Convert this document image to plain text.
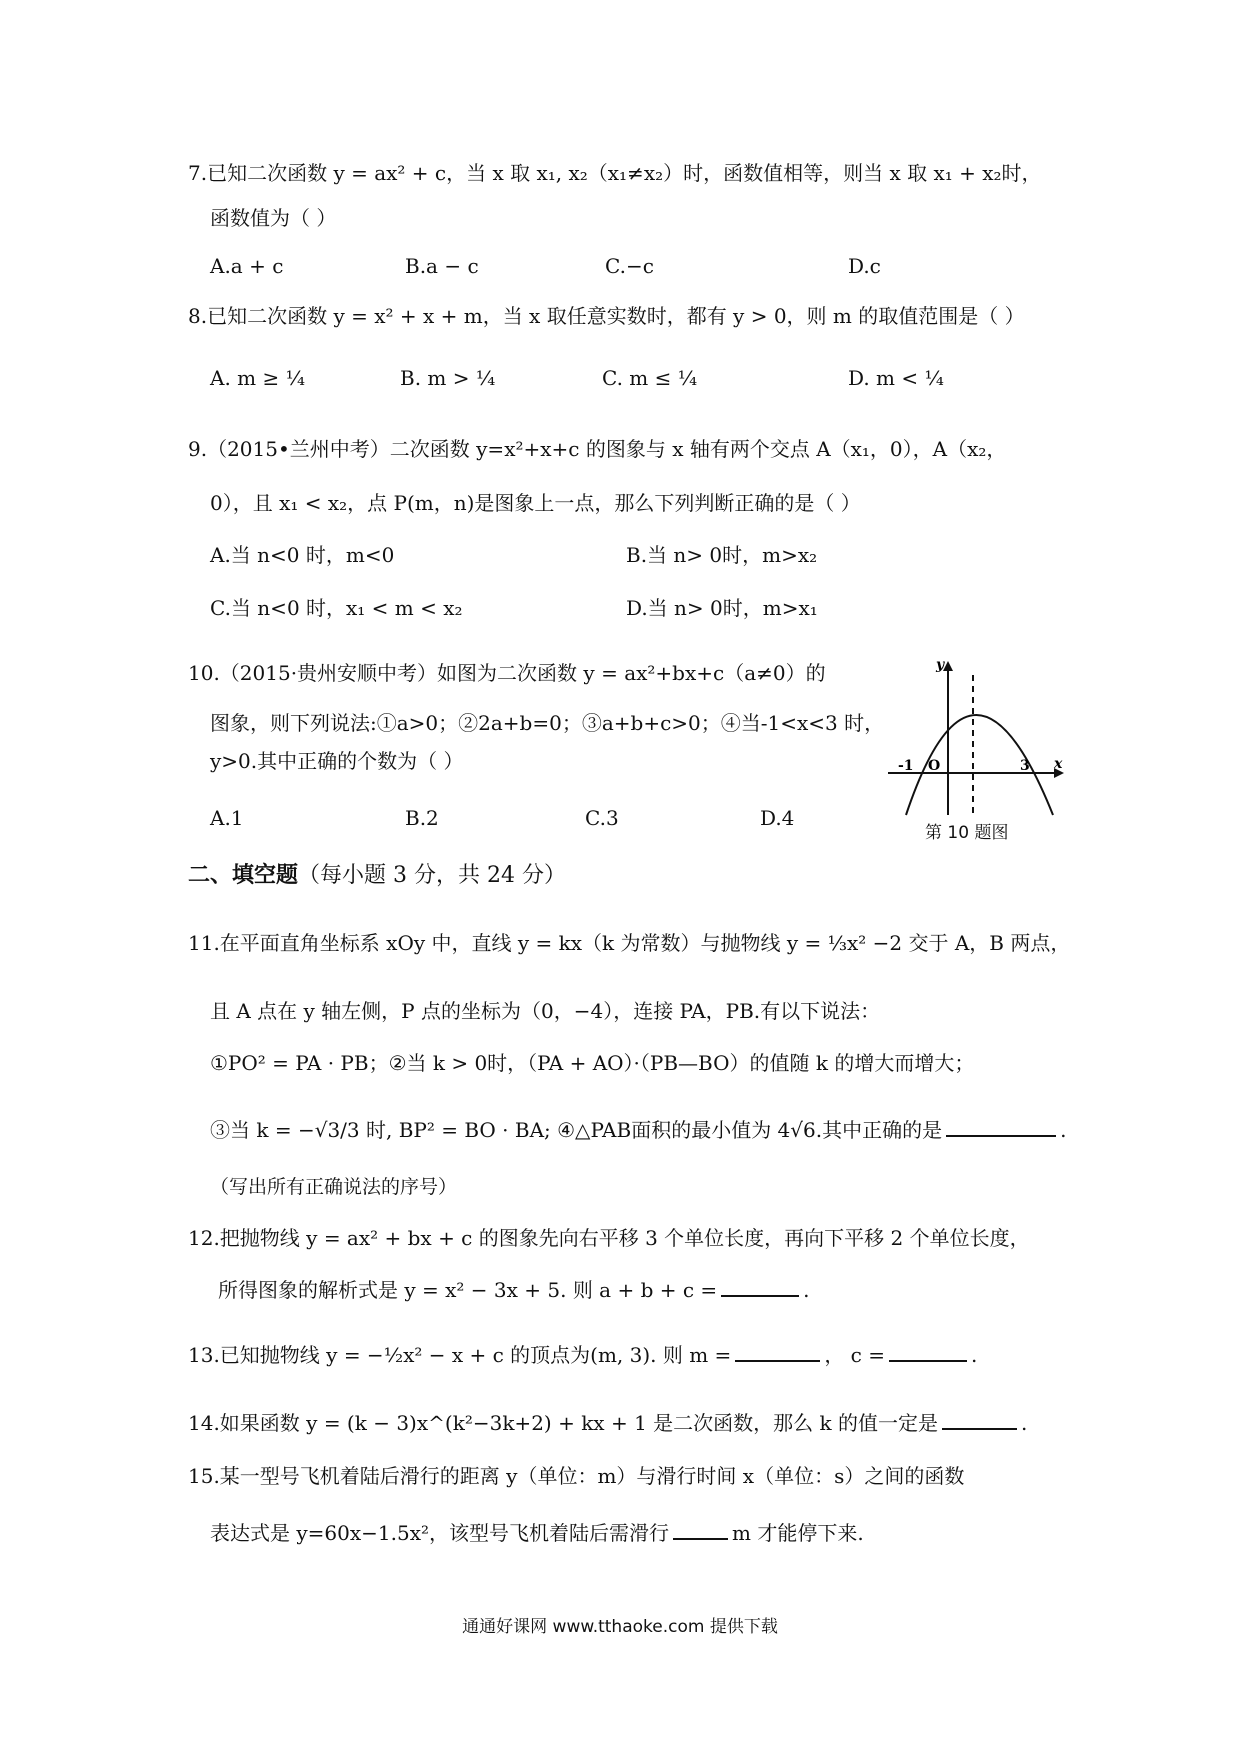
7.已知二次函数 y = ax² + c，当 x 取 x₁, x₂（x₁≠x₂）时，函数值相等，则当 x 取 x₁ + x₂时，
函数值为（ ）
A.a + c	B.a − c	C.−c	D.c
8.已知二次函数 y = x² + x + m，当 x 取任意实数时，都有 y > 0，则 m 的取值范围是（ ）
A. m ≥ ¼	B. m > ¼	C. m ≤ ¼	D. m < ¼
9.（2015•兰州中考）二次函数 y=x²+x+c 的图象与 x 轴有两个交点 A（x₁，0），A（x₂，
0），且 x₁ < x₂，点 P(m，n)是图象上一点，那么下列判断正确的是（ ）
A.当 n<0 时，m<0	B.当 n> 0时，m>x₂
C.当 n<0 时，x₁ < m < x₂	D.当 n> 0时，m>x₁
10.（2015·贵州安顺中考）如图为二次函数 y = ax²+bx+c（a≠0）的
图象，则下列说法:①a>0；②2a+b=0；③a+b+c>0；④当-1<x<3 时，
y>0.其中正确的个数为（ ）
A.1	B.2	C.3	D.4
y
x
O
-1	3
第 10 题图
二、填空题（每小题 3 分，共 24 分）
11.在平面直角坐标系 xOy 中，直线 y = kx（k 为常数）与抛物线 y = ⅓x² −2 交于 A，B 两点，
且 A 点在 y 轴左侧，P 点的坐标为（0，−4），连接 PA，PB.有以下说法：
①PO² = PA · PB；②当 k > 0时，（PA + AO）·（PB—BO）的值随 k 的增大而增大；
③当 k = −√3/3 时, BP² = BO · BA; ④△PAB面积的最小值为 4√6.其中正确的是	.
（写出所有正确说法的序号）
12.把抛物线 y = ax² + bx + c 的图象先向右平移 3 个单位长度，再向下平移 2 个单位长度，
所得图象的解析式是 y = x² − 3x + 5. 则 a + b + c =	.
13.已知抛物线 y = −½x² − x + c 的顶点为(m, 3). 则 m =	， c =	.
14.如果函数 y = (k − 3)x^(k²−3k+2) + kx + 1 是二次函数，那么 k 的值一定是	.
15.某一型号飞机着陆后滑行的距离 y（单位：m）与滑行时间 x（单位：s）之间的函数
表达式是 y=60x−1.5x²，该型号飞机着陆后需滑行	m 才能停下来.
通通好课网 www.tthaoke.com 提供下载
